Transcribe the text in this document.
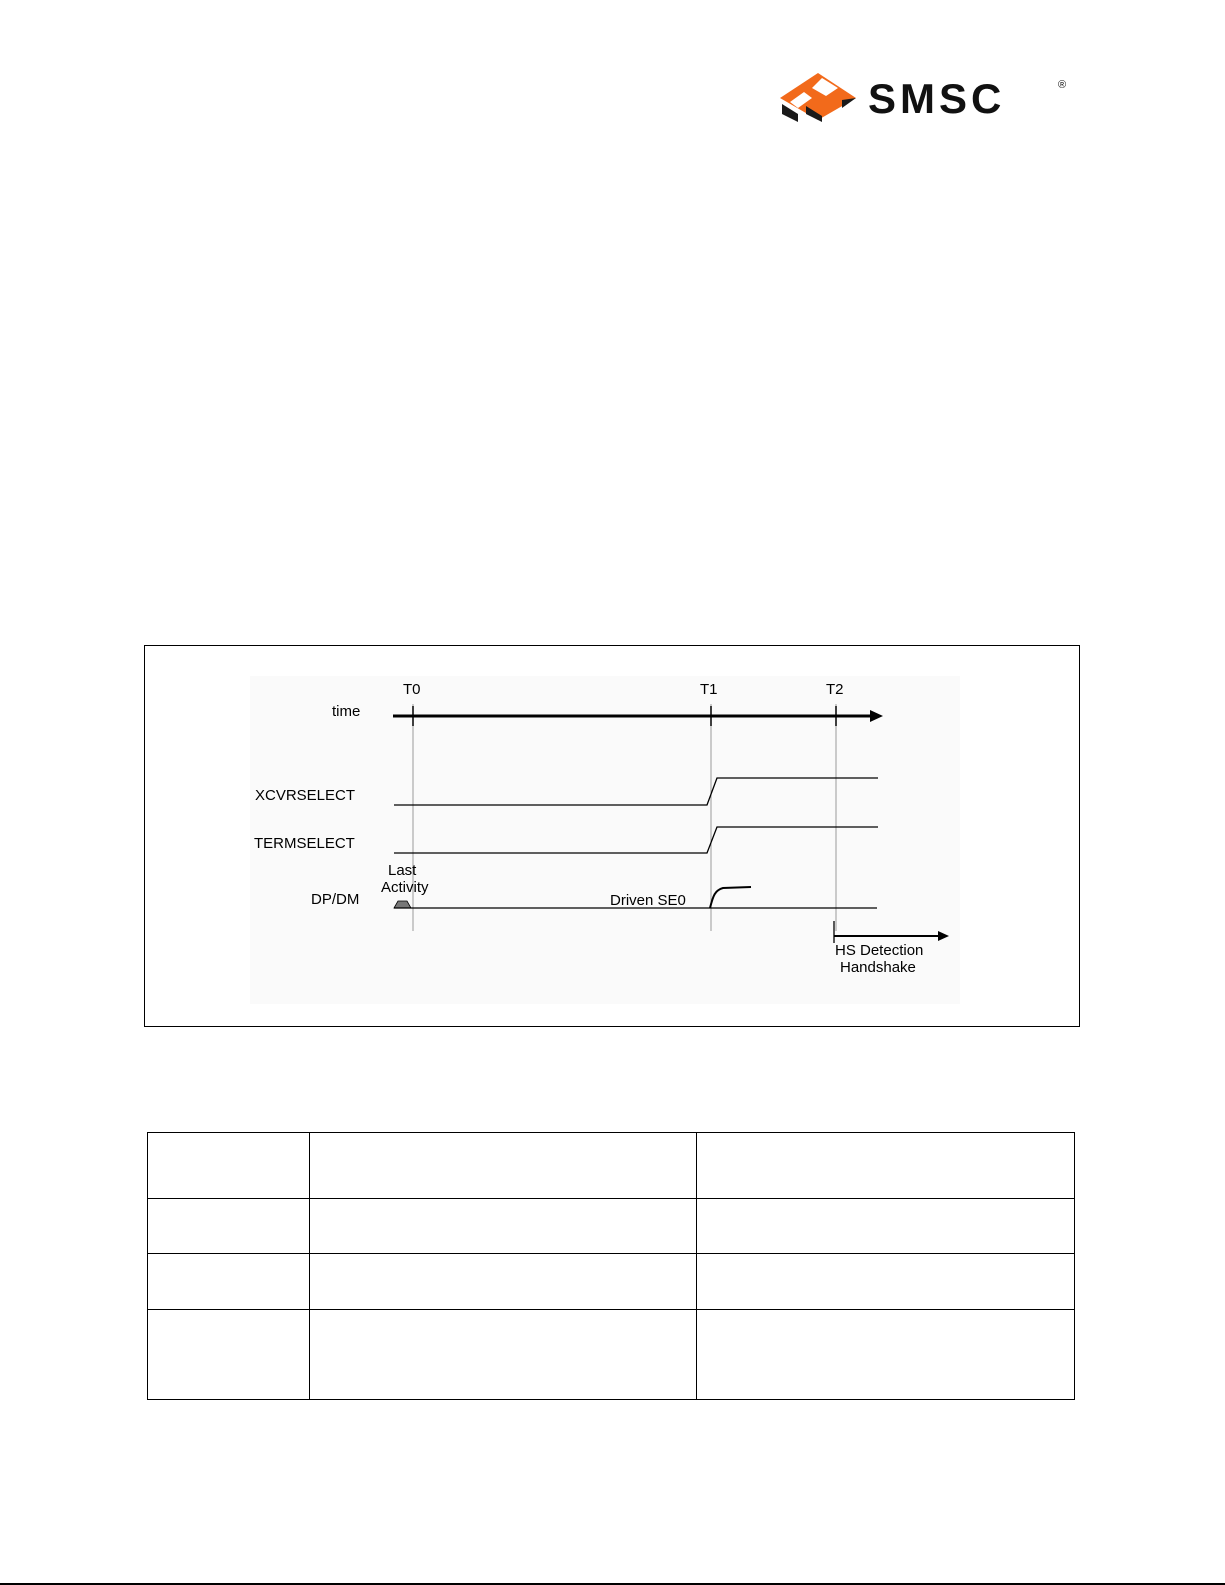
SMSC	®
T0	T1	T2
time
XCVRSELECT
TERMSELECT
Last
Activity
DP/DM	Driven SE0
HS Detection
Handshake
